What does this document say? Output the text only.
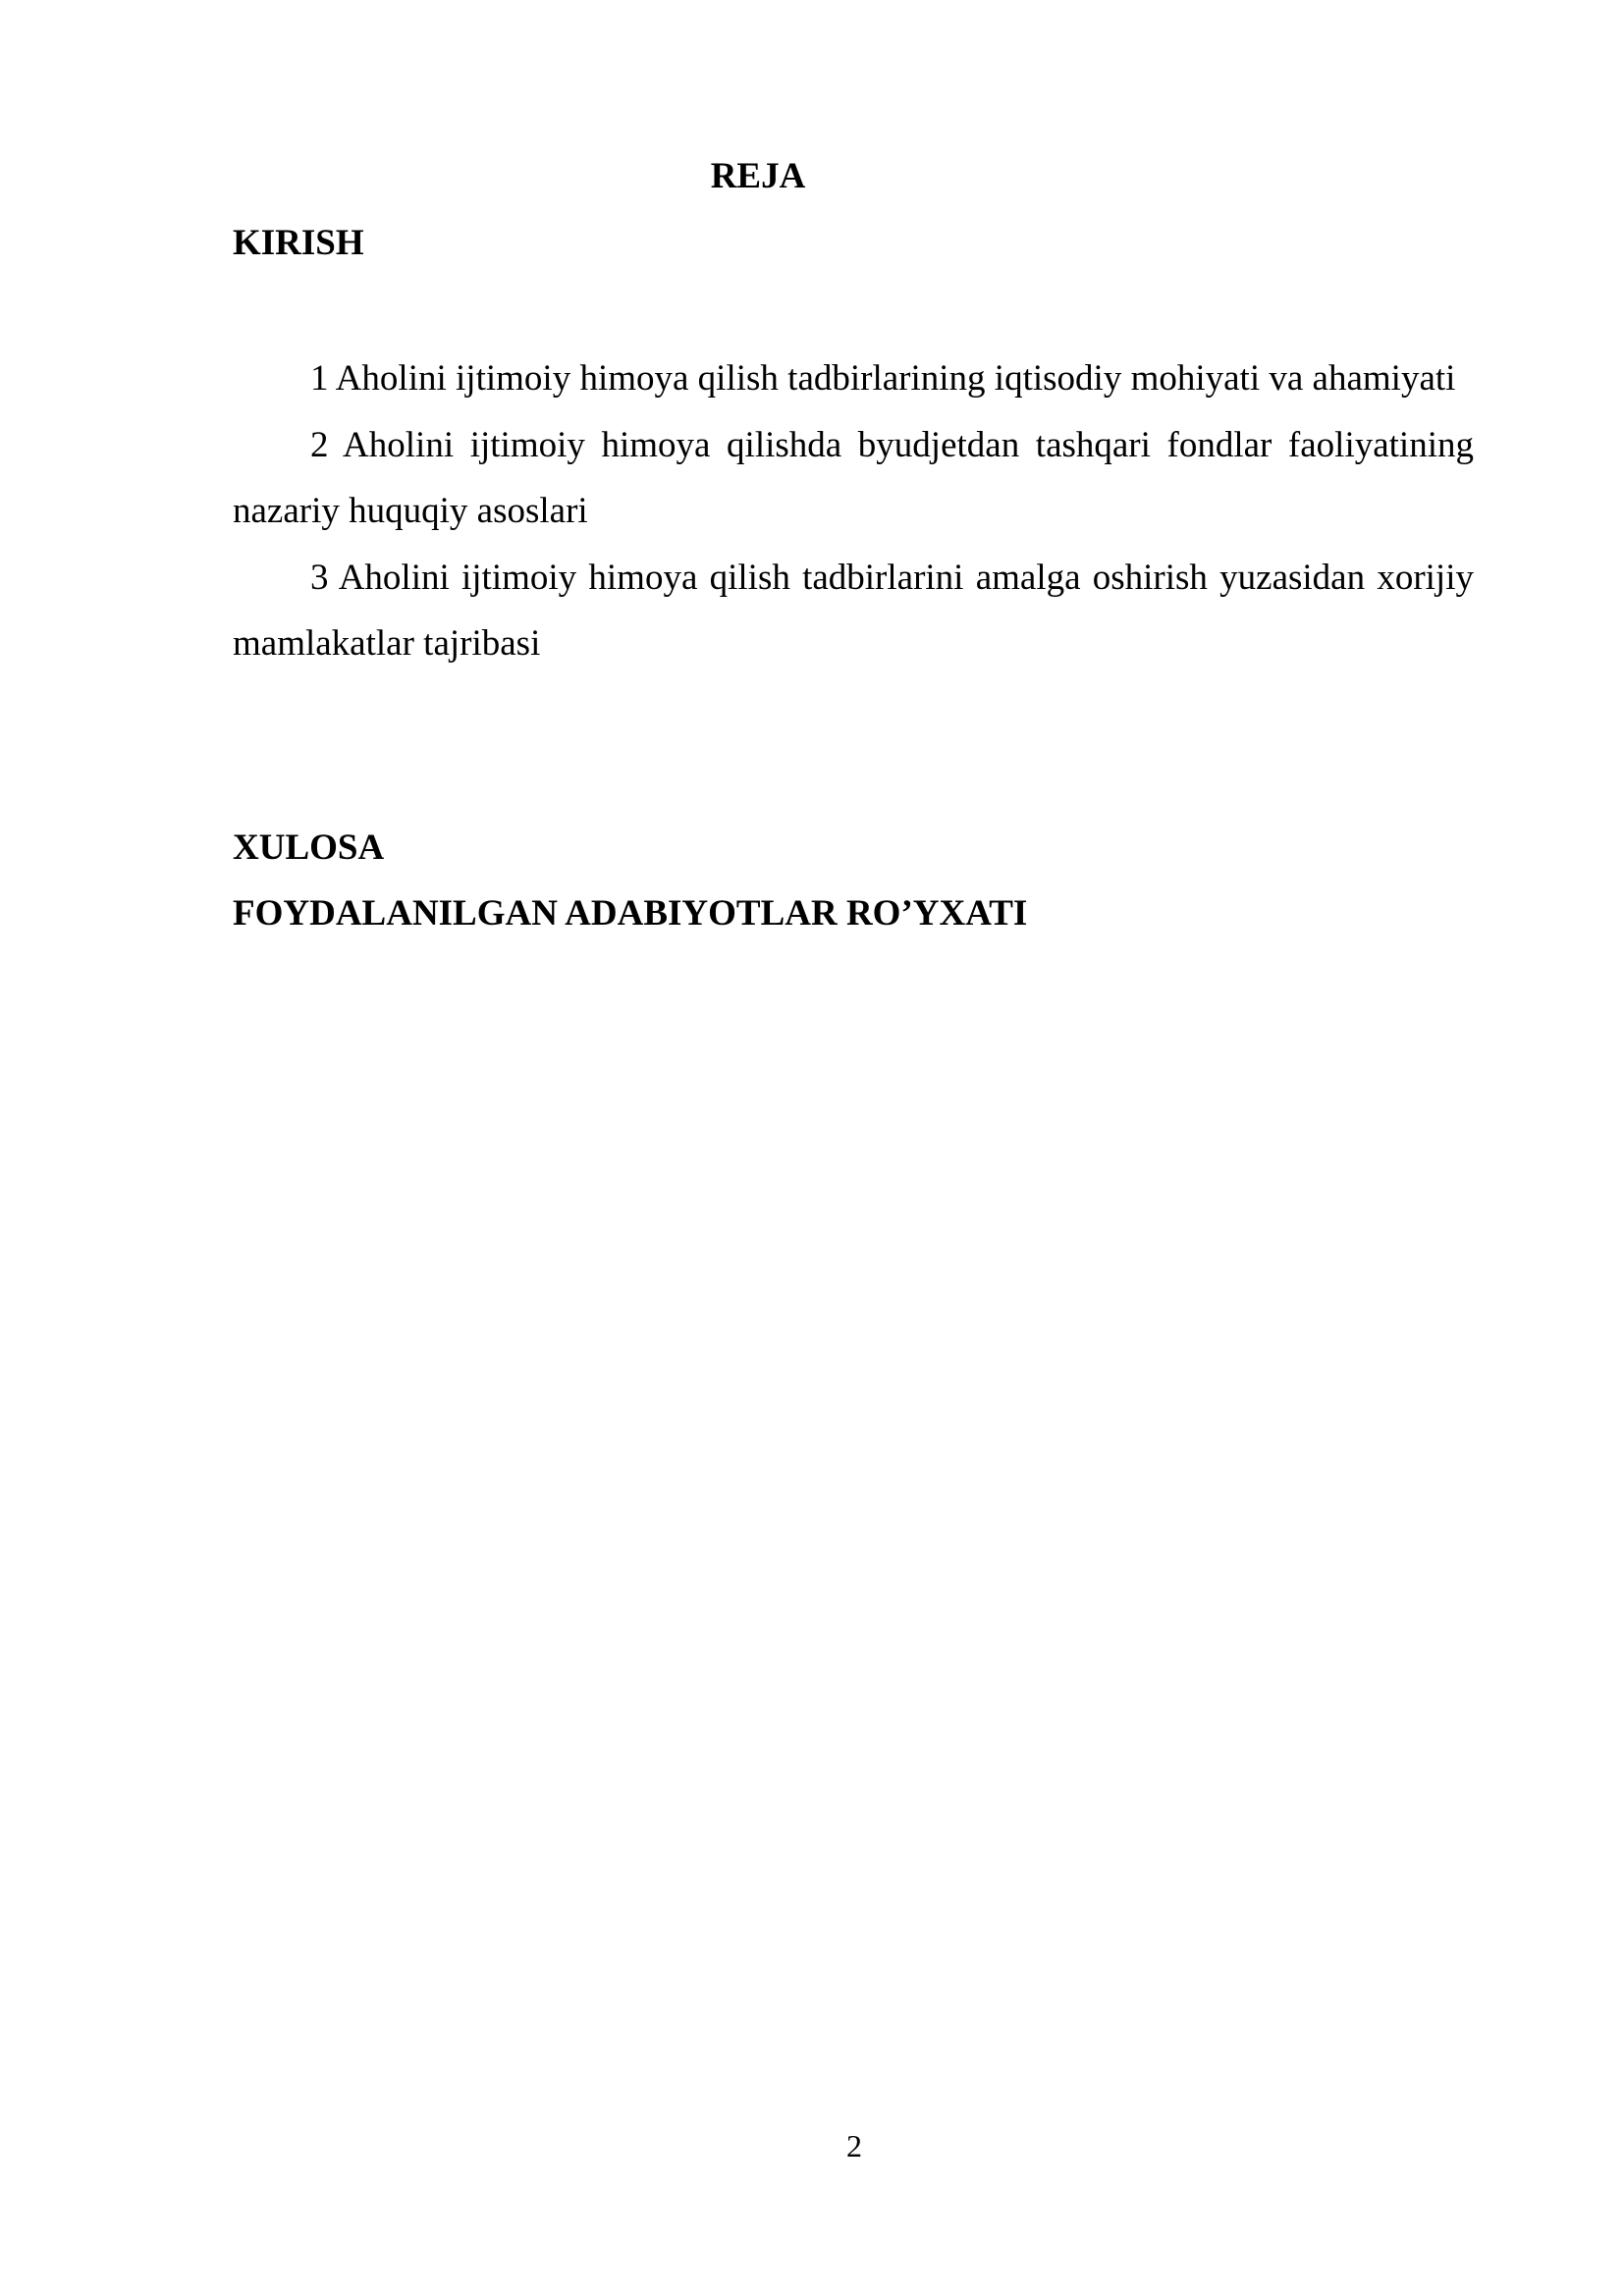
REJA
KIRISH
1 Aholini ijtimoiy himoya qilish tadbirlarining iqtisodiy mohiyati va ahamiyati
2 Aholini ijtimoiy himoya qilishda byudjetdan tashqari fondlar faoliyatining nazariy huquqiy asoslari
3 Aholini ijtimoiy himoya qilish tadbirlarini amalga oshirish yuzasidan xorijiy mamlakatlar tajribasi
XULOSA
FOYDALANILGAN ADABIYOTLAR RO’YXATI
2
